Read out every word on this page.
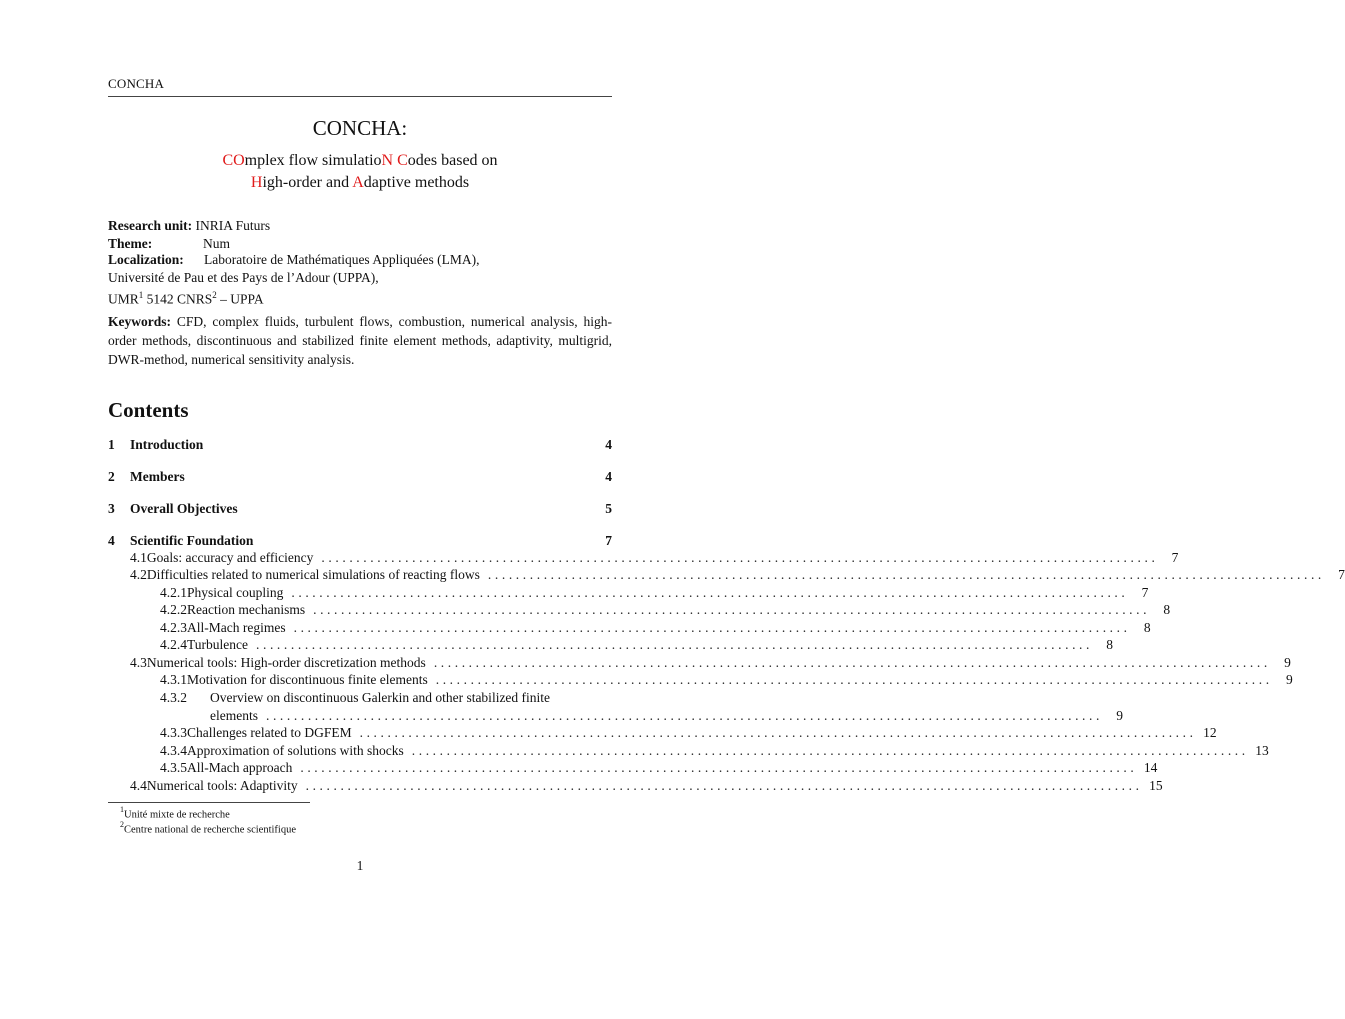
CONCHA
CONCHA:
COmplex flow simulatioN Codes based on
High-order and Adaptive methods
Research unit: INRIA Futurs
Theme:	Num
Localization: Laboratoire de Mathématiques Appliquées (LMA),
Université de Pau et des Pays de l’Adour (UPPA),
UMR$^1$ 5142 CNRS$^2$ – UPPA
Keywords: CFD, complex fluids, turbulent flows, combustion, numerical analysis, high-order methods, discontinuous and stabilized finite element methods, adaptivity, multigrid, DWR-method, numerical sensitivity analysis.
Contents
1	Introduction	4
2	Members	4
3	Overall Objectives	5
4	Scientific Foundation	7
4.1 Goals: accuracy and efficiency ........................................................................................................................ 7
4.2 Difficulties related to numerical simulations of reacting flows ........................................................................................................................ 7
4.2.1 Physical coupling ........................................................................................................................ 7
4.2.2 Reaction mechanisms ........................................................................................................................ 8
4.2.3 All-Mach regimes ........................................................................................................................ 8
4.2.4 Turbulence ........................................................................................................................ 8
4.3 Numerical tools: High-order discretization methods ........................................................................................................................ 9
4.3.1 Motivation for discontinuous finite elements ........................................................................................................................ 9
4.3.2	Overview on discontinuous Galerkin and other stabilized finite
elements ........................................................................................................................ 9
4.3.3 Challenges related to DGFEM ........................................................................................................................ 12
4.3.4 Approximation of solutions with shocks ........................................................................................................................ 13
4.3.5 All-Mach approach ........................................................................................................................ 14
4.4 Numerical tools: Adaptivity ........................................................................................................................ 15
$^1$Unité mixte de recherche
$^2$Centre national de recherche scientifique
1
